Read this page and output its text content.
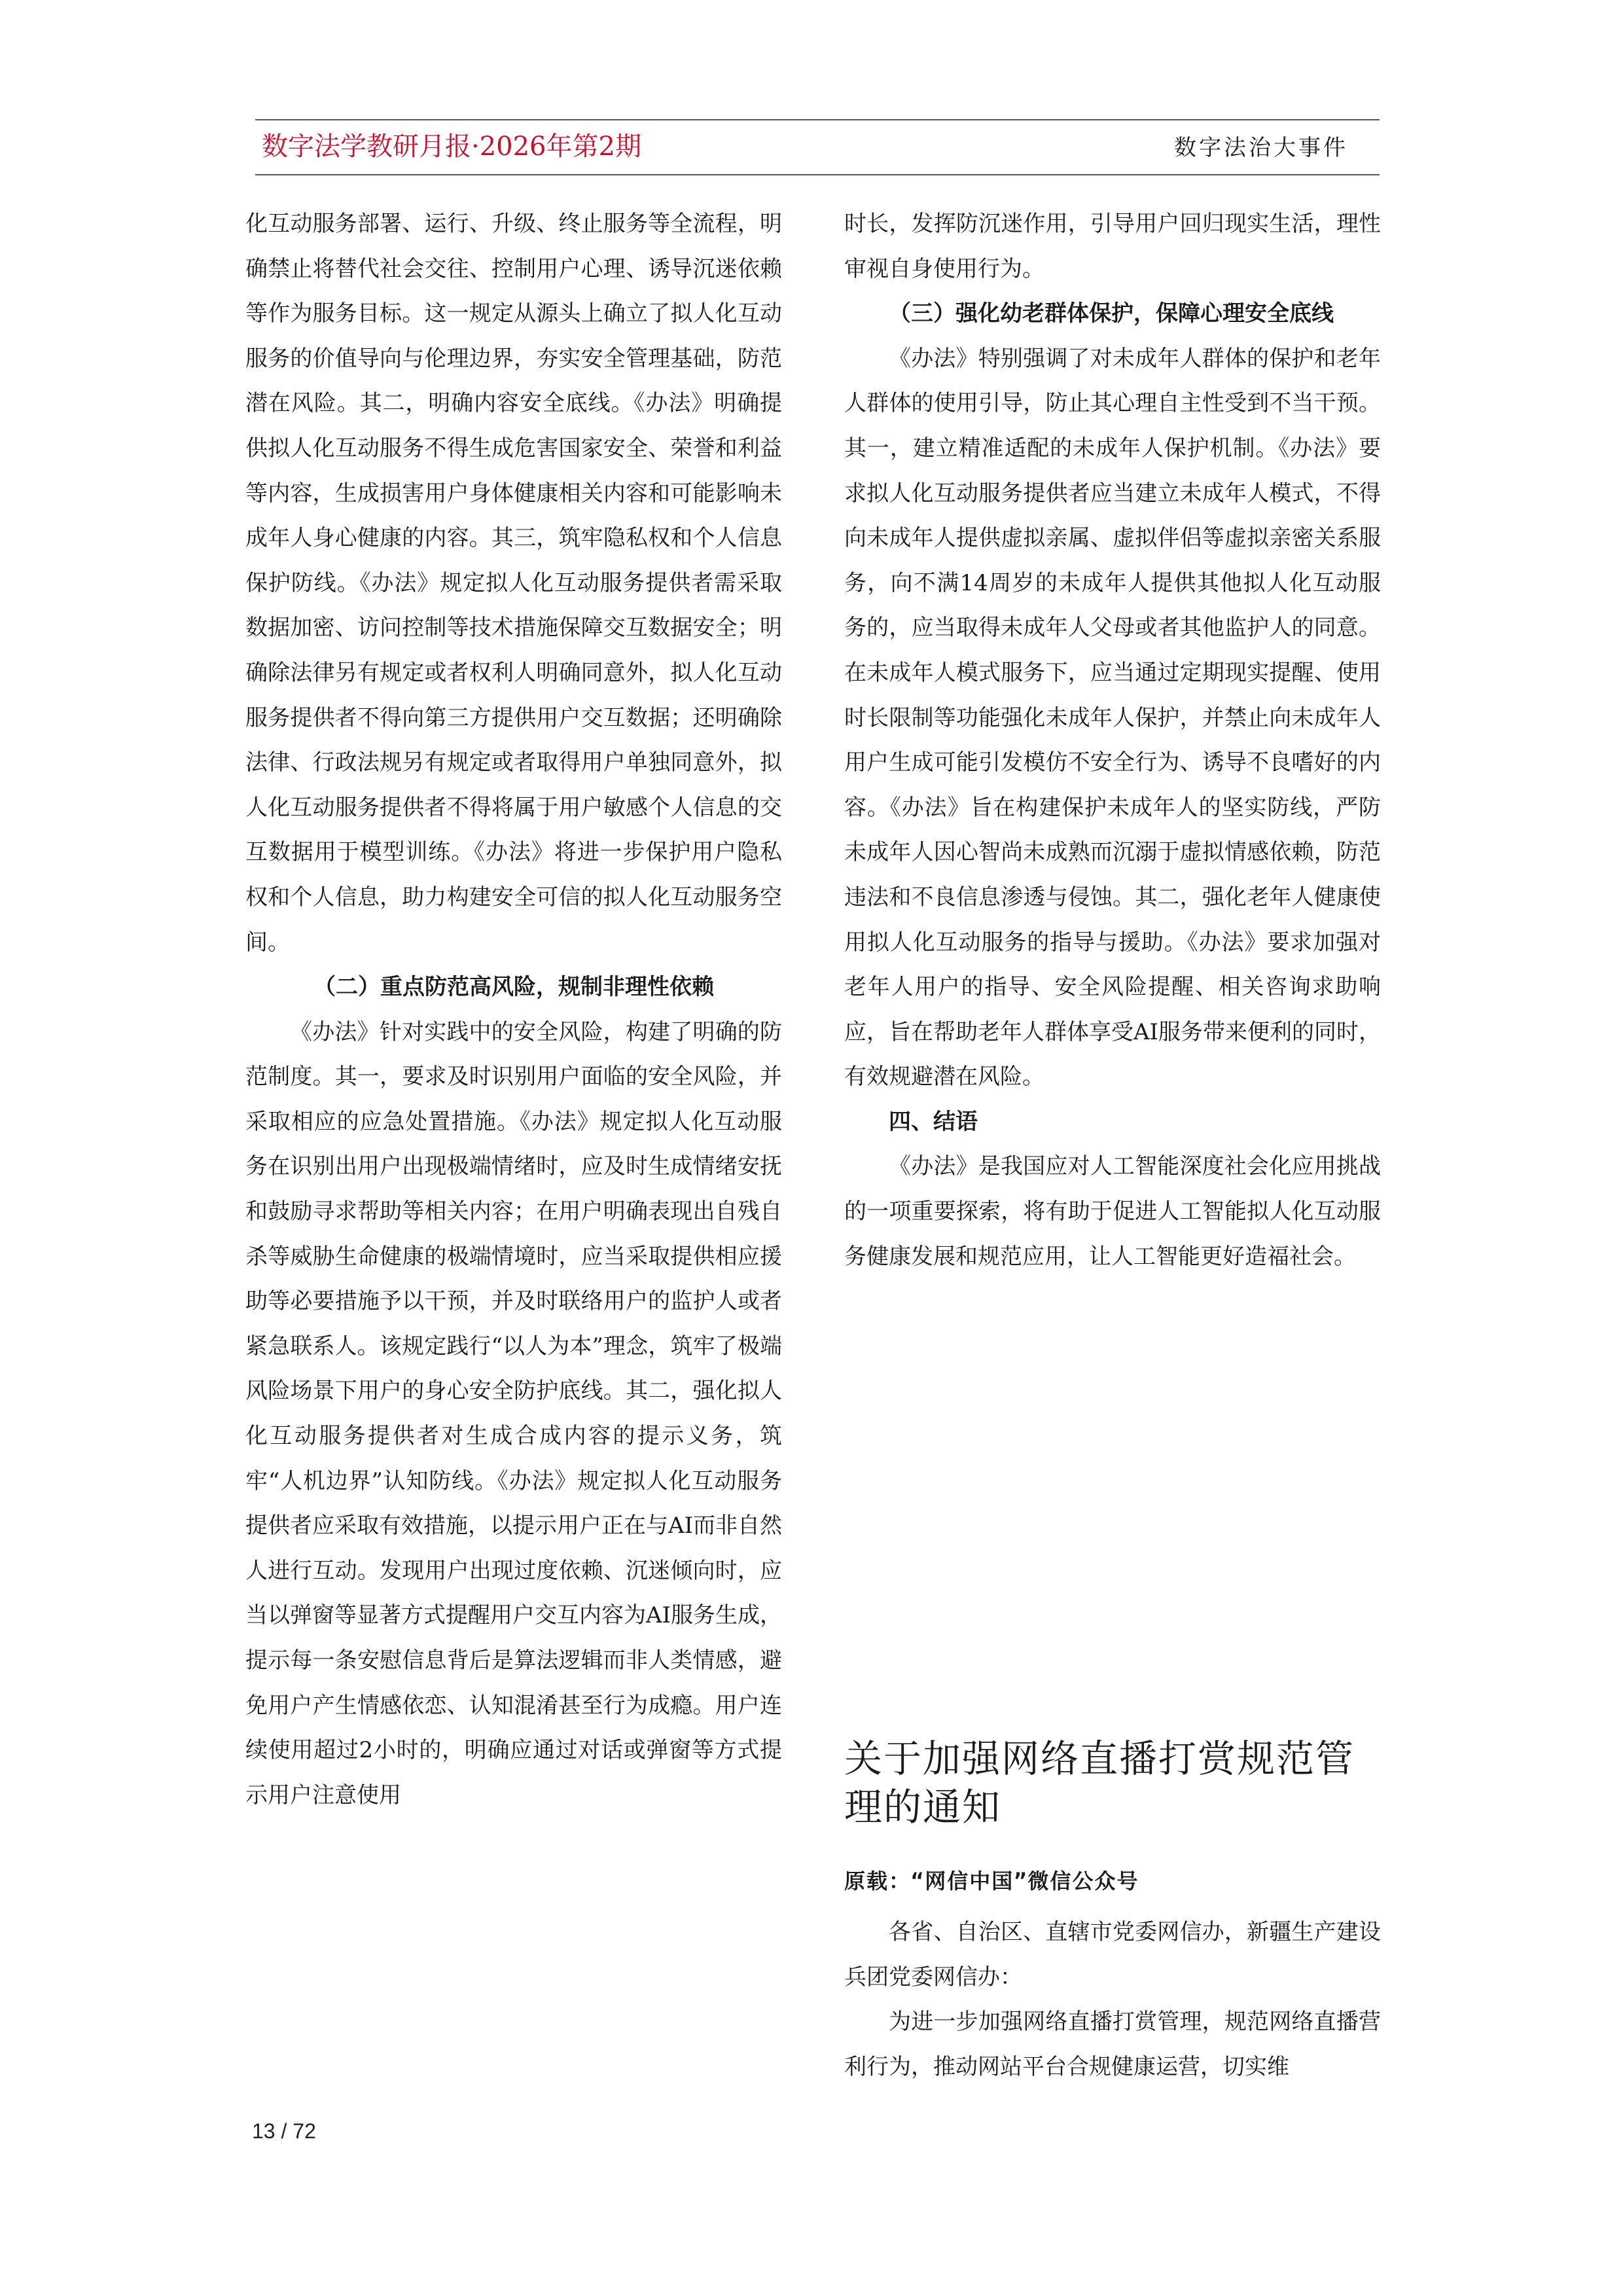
数字法学教研月报·2026年第2期	数字法治大事件

化互动服务部署、运行、升级、终止服务等全流程，明确禁止将替代社会交往、控制用户心理、诱导沉迷依赖等作为服务目标。这一规定从源头上确立了拟人化互动服务的价值导向与伦理边界，夯实安全管理基础，防范潜在风险。其二，明确内容安全底线。《办法》明确提供拟人化互动服务不得生成危害国家安全、荣誉和利益等内容，生成损害用户身体健康相关内容和可能影响未成年人身心健康的内容。其三，筑牢隐私权和个人信息保护防线。《办法》规定拟人化互动服务提供者需采取数据加密、访问控制等技术措施保障交互数据安全；明确除法律另有规定或者权利人明确同意外，拟人化互动服务提供者不得向第三方提供用户交互数据；还明确除法律、行政法规另有规定或者取得用户单独同意外，拟人化互动服务提供者不得将属于用户敏感个人信息的交互数据用于模型训练。《办法》将进一步保护用户隐私权和个人信息，助力构建安全可信的拟人化互动服务空间。

（二）重点防范高风险，规制非理性依赖

《办法》针对实践中的安全风险，构建了明确的防范制度。其一，要求及时识别用户面临的安全风险，并采取相应的应急处置措施。《办法》规定拟人化互动服务在识别出用户出现极端情绪时，应及时生成情绪安抚和鼓励寻求帮助等相关内容；在用户明确表现出自残自杀等威胁生命健康的极端情境时，应当采取提供相应援助等必要措施予以干预，并及时联络用户的监护人或者紧急联系人。该规定践行“以人为本”理念，筑牢了极端风险场景下用户的身心安全防护底线。其二，强化拟人化互动服务提供者对生成合成内容的提示义务，筑牢“人机边界”认知防线。《办法》规定拟人化互动服务提供者应采取有效措施，以提示用户正在与AI而非自然人进行互动。发现用户出现过度依赖、沉迷倾向时，应当以弹窗等显著方式提醒用户交互内容为AI服务生成，提示每一条安慰信息背后是算法逻辑而非人类情感，避免用户产生情感依恋、认知混淆甚至行为成瘾。用户连续使用超过2小时的，明确应通过对话或弹窗等方式提示用户注意使用

时长，发挥防沉迷作用，引导用户回归现实生活，理性审视自身使用行为。

（三）强化幼老群体保护，保障心理安全底线

《办法》特别强调了对未成年人群体的保护和老年人群体的使用引导，防止其心理自主性受到不当干预。其一，建立精准适配的未成年人保护机制。《办法》要求拟人化互动服务提供者应当建立未成年人模式，不得向未成年人提供虚拟亲属、虚拟伴侣等虚拟亲密关系服务，向不满14周岁的未成年人提供其他拟人化互动服务的，应当取得未成年人父母或者其他监护人的同意。在未成年人模式服务下，应当通过定期现实提醒、使用时长限制等功能强化未成年人保护，并禁止向未成年人用户生成可能引发模仿不安全行为、诱导不良嗜好的内容。《办法》旨在构建保护未成年人的坚实防线，严防未成年人因心智尚未成熟而沉溺于虚拟情感依赖，防范违法和不良信息渗透与侵蚀。其二，强化老年人健康使用拟人化互动服务的指导与援助。《办法》要求加强对老年人用户的指导、安全风险提醒、相关咨询求助响应，旨在帮助老年人群体享受AI服务带来便利的同时，有效规避潜在风险。

四、结语

《办法》是我国应对人工智能深度社会化应用挑战的一项重要探索，将有助于促进人工智能拟人化互动服务健康发展和规范应用，让人工智能更好造福社会。

关于加强网络直播打赏规范管理的通知
原载：“网信中国”微信公众号

各省、自治区、直辖市党委网信办，新疆生产建设兵团党委网信办：

为进一步加强网络直播打赏管理，规范网络直播营利行为，推动网站平台合规健康运营，切实维

13 / 72
